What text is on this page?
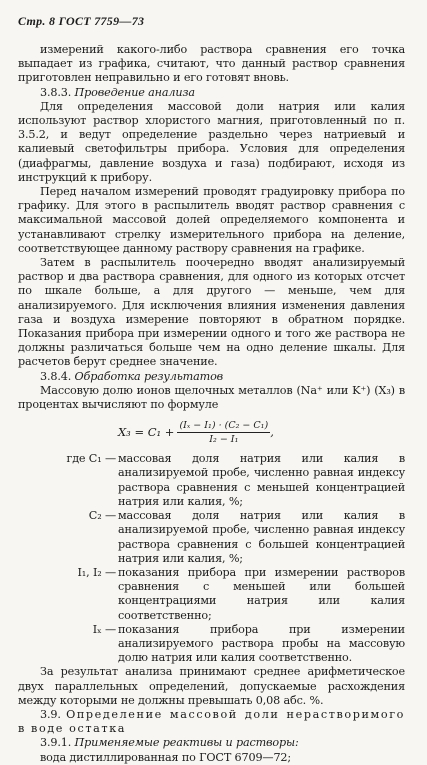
Стр. 8 ГОСТ 7759—73

измерений какого-либо раствора сравнения его точка выпадает из графика, считают, что данный раствор сравнения приготовлен неправильно и его готовят вновь.

3.8.3. Проведение анализа

Для определения массовой доли натрия или калия используют раствор хлористого магния, приготовленный по п. 3.5.2, и ведут определение раздельно через натриевый и калиевый светофильтры прибора. Условия для определения (диафрагмы, давление воздуха и газа) подбирают, исходя из инструкций к прибору.

Перед началом измерений проводят градуировку прибора по графику. Для этого в распылитель вводят раствор сравнения с максимальной массовой долей определяемого компонента и устанавливают стрелку измерительного прибора на деление, соответствующее данному раствору сравнения на графике.

Затем в распылитель поочередно вводят анализируемый раствор и два раствора сравнения, для одного из которых отсчет по шкале больше, а для другого — меньше, чем для анализируемого. Для исключения влияния изменения давления газа и воздуха измерение повторяют в обратном порядке. Показания прибора при измерении одного и того же раствора не должны различаться больше чем на одно деление шкалы. Для расчетов берут среднее значение.

3.8.4. Обработка результатов

Массовую долю ионов щелочных металлов (Na⁺ или K⁺) (X₃) в процентах вычисляют по формуле

$X_3 = C_1 + \frac{\text{(Iₓ − I₁) · (C₂ − C₁)}}{\text{I₂ − I₁}}$ ,
где C₁ — массовая доля натрия или калия в анализируемой пробе, численно равная индексу раствора сравнения с меньшей концентрацией натрия или калия, %;
C₂ — массовая доля натрия или калия в анализируемой пробе, численно равная индексу раствора сравнения с большей концентрацией натрия или калия, %;
I₁, I₂ — показания прибора при измерении растворов сравнения с меньшей или большей концентрациями натрия или калия соответственно;
Iₓ — показания прибора при измерении анализируемого раствора пробы на массовую долю натрия или калия соответственно.

За результат анализа принимают среднее арифметическое двух параллельных определений, допускаемые расхождения между которыми не должны превышать 0,08 абс. %.

3.9. Определение массовой доли нерастворимого в воде остатка

3.9.1. Применяемые реактивы и растворы:

вода дистиллированная по ГОСТ 6709—72;
